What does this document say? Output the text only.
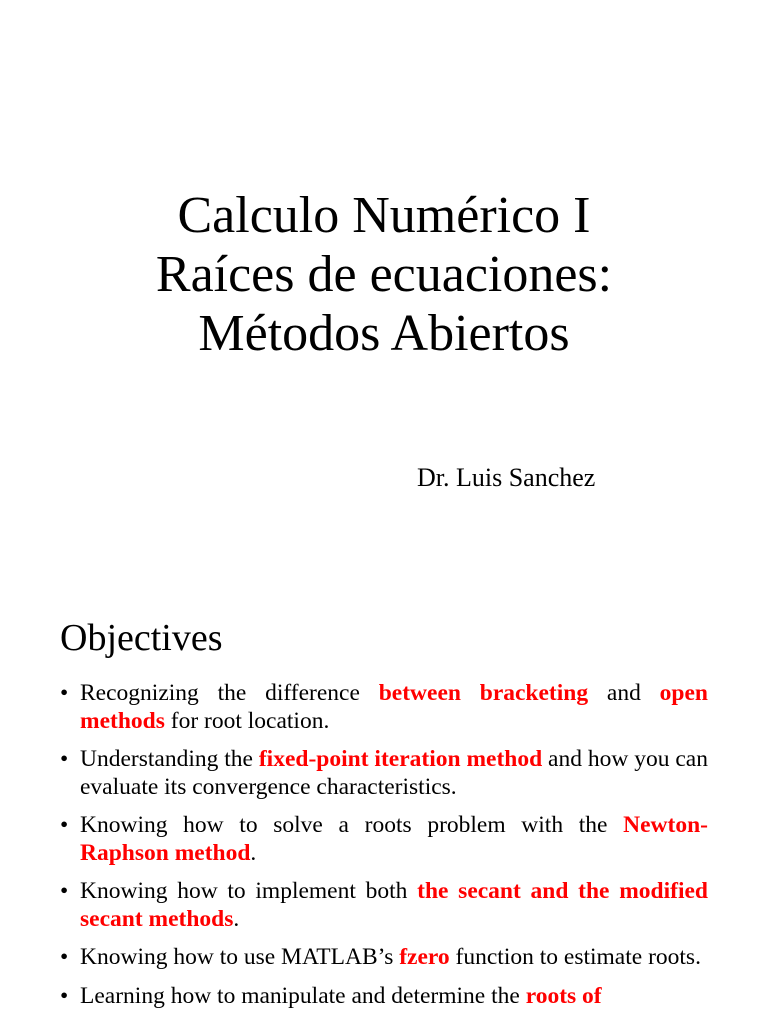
Calculo Numérico I
Raíces de ecuaciones:
Métodos Abiertos
Dr. Luis Sanchez
Objectives
• Recognizing the difference between bracketing and open methods for root location.
• Understanding the fixed-point iteration method and how you can evaluate its convergence characteristics.
• Knowing how to solve a roots problem with the Newton-Raphson method.
• Knowing how to implement both the secant and the modified secant methods.
• Knowing how to use MATLAB’s fzero function to estimate roots.
• Learning how to manipulate and determine the roots of
